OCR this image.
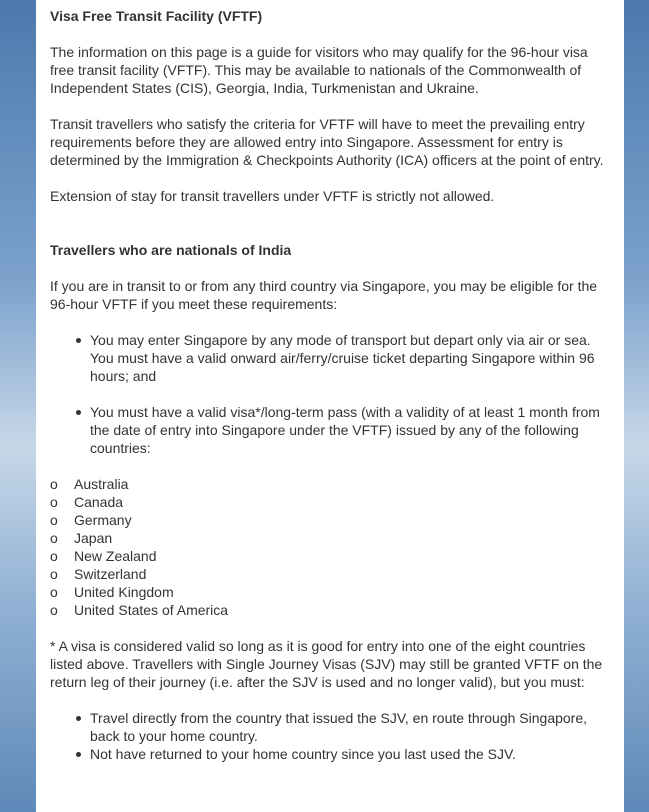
Visa Free Transit Facility (VFTF)

The information on this page is a guide for visitors who may qualify for the 96-hour visa free transit facility (VFTF). This may be available to nationals of the Commonwealth of Independent States (CIS), Georgia, India, Turkmenistan and Ukraine.

Transit travellers who satisfy the criteria for VFTF will have to meet the prevailing entry requirements before they are allowed entry into Singapore. Assessment for entry is determined by the Immigration & Checkpoints Authority (ICA) officers at the point of entry.

Extension of stay for transit travellers under VFTF is strictly not allowed.

Travellers who are nationals of India

If you are in transit to or from any third country via Singapore, you may be eligible for the 96-hour VFTF if you meet these requirements:

You may enter Singapore by any mode of transport but depart only via air or sea. You must have a valid onward air/ferry/cruise ticket departing Singapore within 96 hours; and
You must have a valid visa*/long-term pass (with a validity of at least 1 month from the date of entry into Singapore under the VFTF) issued by any of the following countries:
o Australia
o Canada
o Germany
o Japan
o New Zealand
o Switzerland
o United Kingdom
o United States of America

* A visa is considered valid so long as it is good for entry into one of the eight countries listed above. Travellers with Single Journey Visas (SJV) may still be granted VFTF on the return leg of their journey (i.e. after the SJV is used and no longer valid), but you must:

Travel directly from the country that issued the SJV, en route through Singapore, back to your home country.
Not have returned to your home country since you last used the SJV.
